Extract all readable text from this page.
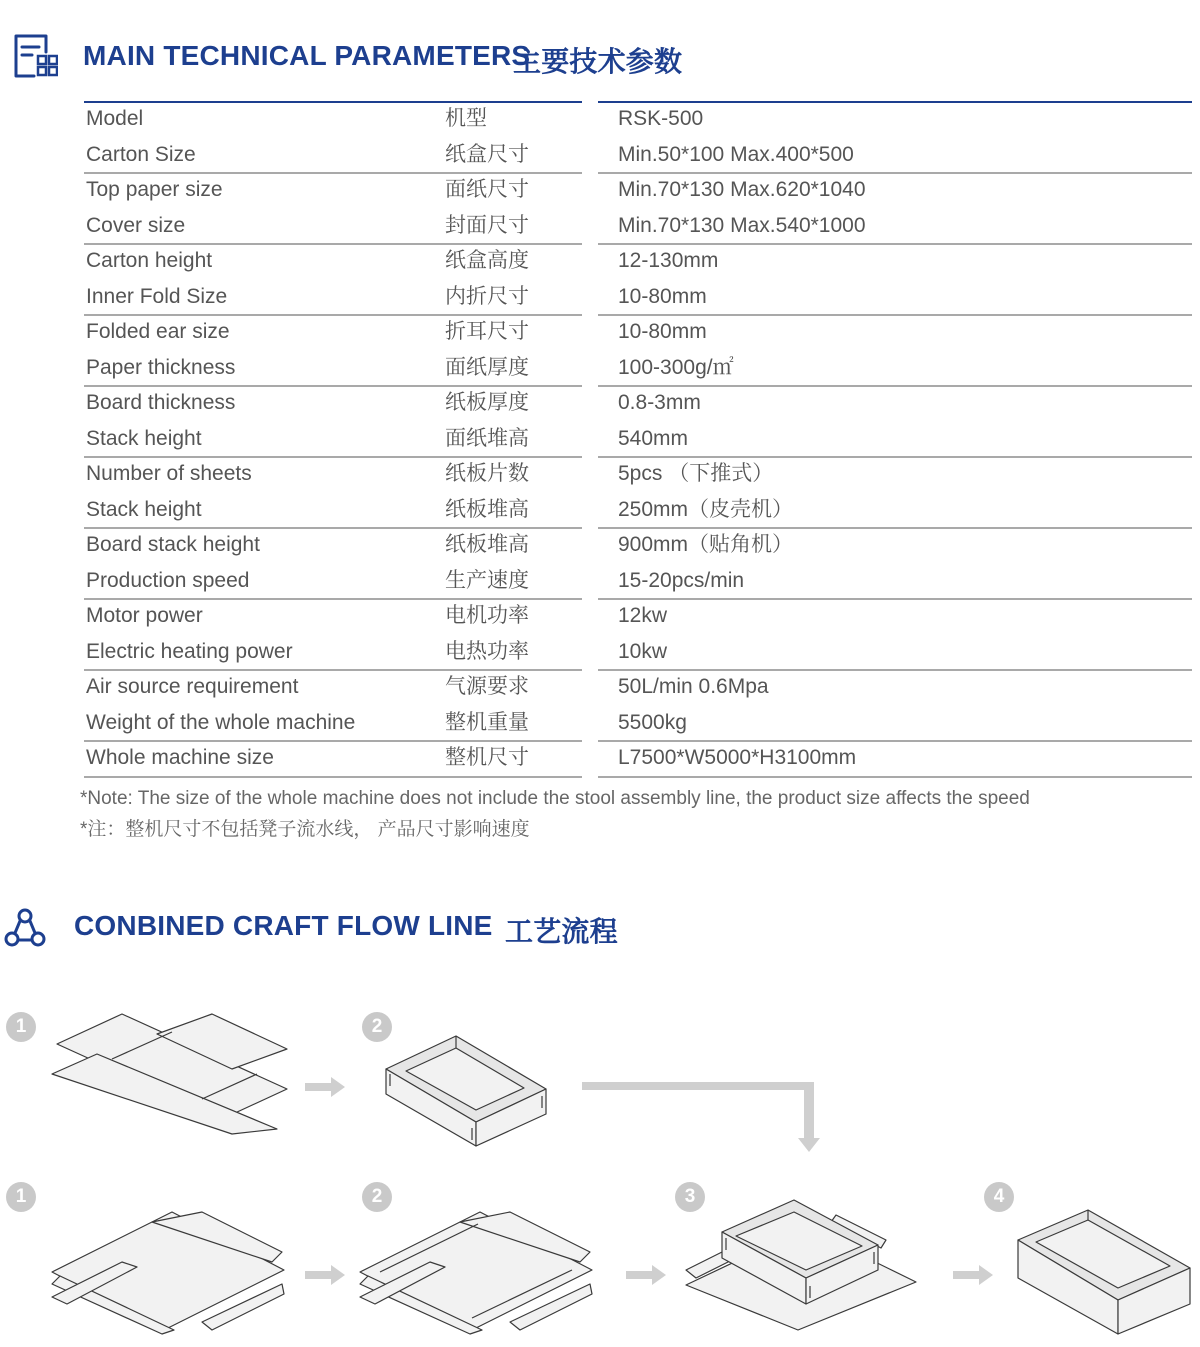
MAIN TECHNICAL PARAMETERS
主要技术参数
Model	机型	RSK-500
Carton Size	纸盒尺寸	Min.50*100 Max.400*500
Top paper size	面纸尺寸	Min.70*130 Max.620*1040
Cover size	封面尺寸	Min.70*130 Max.540*1000
Carton height	纸盒高度	12-130mm
Inner Fold Size	内折尺寸	10-80mm
Folded ear size	折耳尺寸	10-80mm
Paper thickness	面纸厚度	100-300g/㎡
Board thickness	纸板厚度	0.8-3mm
Stack height	面纸堆高	540mm
Number of sheets	纸板片数	5pcs （下推式）
Stack height	纸板堆高	250mm（皮壳机）
Board stack height	纸板堆高	900mm（贴角机）
Production speed	生产速度	15-20pcs/min
Motor power	电机功率	12kw
Electric heating power	电热功率	10kw
Air source requirement	气源要求	50L/min 0.6Mpa
Weight of the whole machine	整机重量	5500kg
Whole machine size	整机尺寸	L7500*W5000*H3100mm
*Note: The size of the whole machine does not include the stool assembly line, the product size affects the speed
*注：整机尺寸不包括凳子流水线， 产品尺寸影响速度
CONBINED CRAFT FLOW LINE 工艺流程
1	2
1	2	3	4
